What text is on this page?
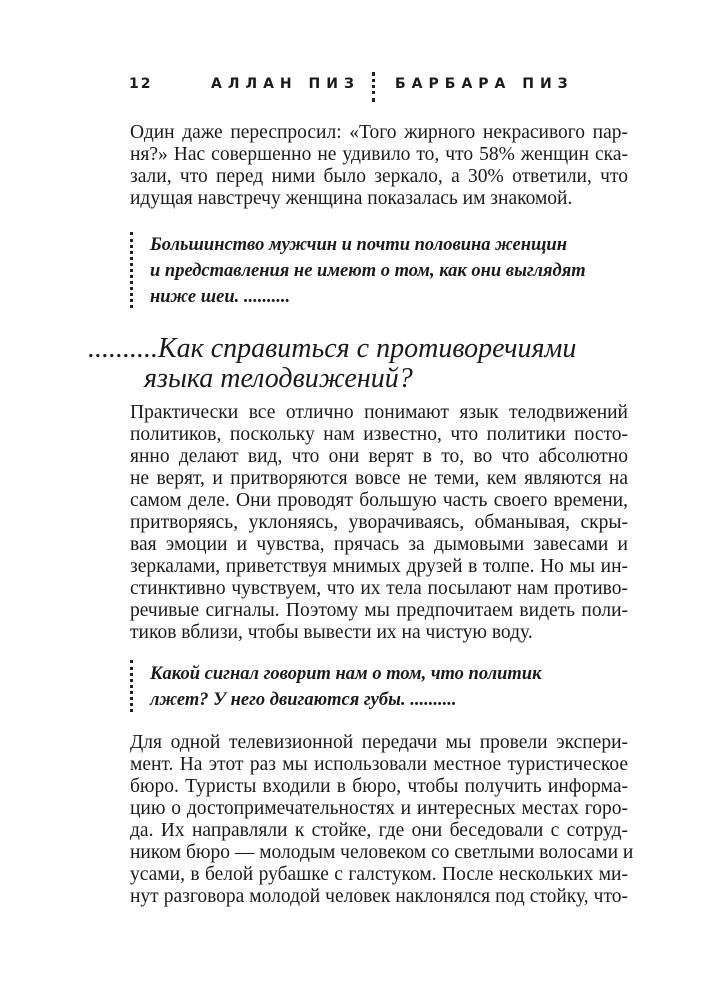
12	АЛЛАН ПИЗ	БАРБАРА ПИЗ
Один даже переспросил: «Того жирного некрасивого пар-
ня?» Нас совершенно не удивило то, что 58% женщин ска-
зали, что перед ними было зеркало, а 30% ответили, что
идущая навстречу женщина показалась им знакомой.
Большинство мужчин и почти половина женщин
и представления не имеют о том, как они выглядят
ниже шеи. ..........
..........Как справиться с противоречиями
языка телодвижений?
Практически все отлично понимают язык телодвижений
политиков, поскольку нам известно, что политики посто-
янно делают вид, что они верят в то, во что абсолютно
не верят, и притворяются вовсе не теми, кем являются на
самом деле. Они проводят большую часть своего времени,
притворяясь, уклоняясь, уворачиваясь, обманывая, скры-
вая эмоции и чувства, прячась за дымовыми завесами и
зеркалами, приветствуя мнимых друзей в толпе. Но мы ин-
стинктивно чувствуем, что их тела посылают нам противо-
речивые сигналы. Поэтому мы предпочитаем видеть поли-
тиков вблизи, чтобы вывести их на чистую воду.
Какой сигнал говорит нам о том, что политик
лжет? У него двигаются губы. ..........
Для одной телевизионной передачи мы провели экспери-
мент. На этот раз мы использовали местное туристическое
бюро. Туристы входили в бюро, чтобы получить информа-
цию о достопримечательностях и интересных местах горо-
да. Их направляли к стойке, где они беседовали с сотруд-
ником бюро — молодым человеком со светлыми волосами и
усами, в белой рубашке с галстуком. После нескольких ми-
нут разговора молодой человек наклонялся под стойку, что-
